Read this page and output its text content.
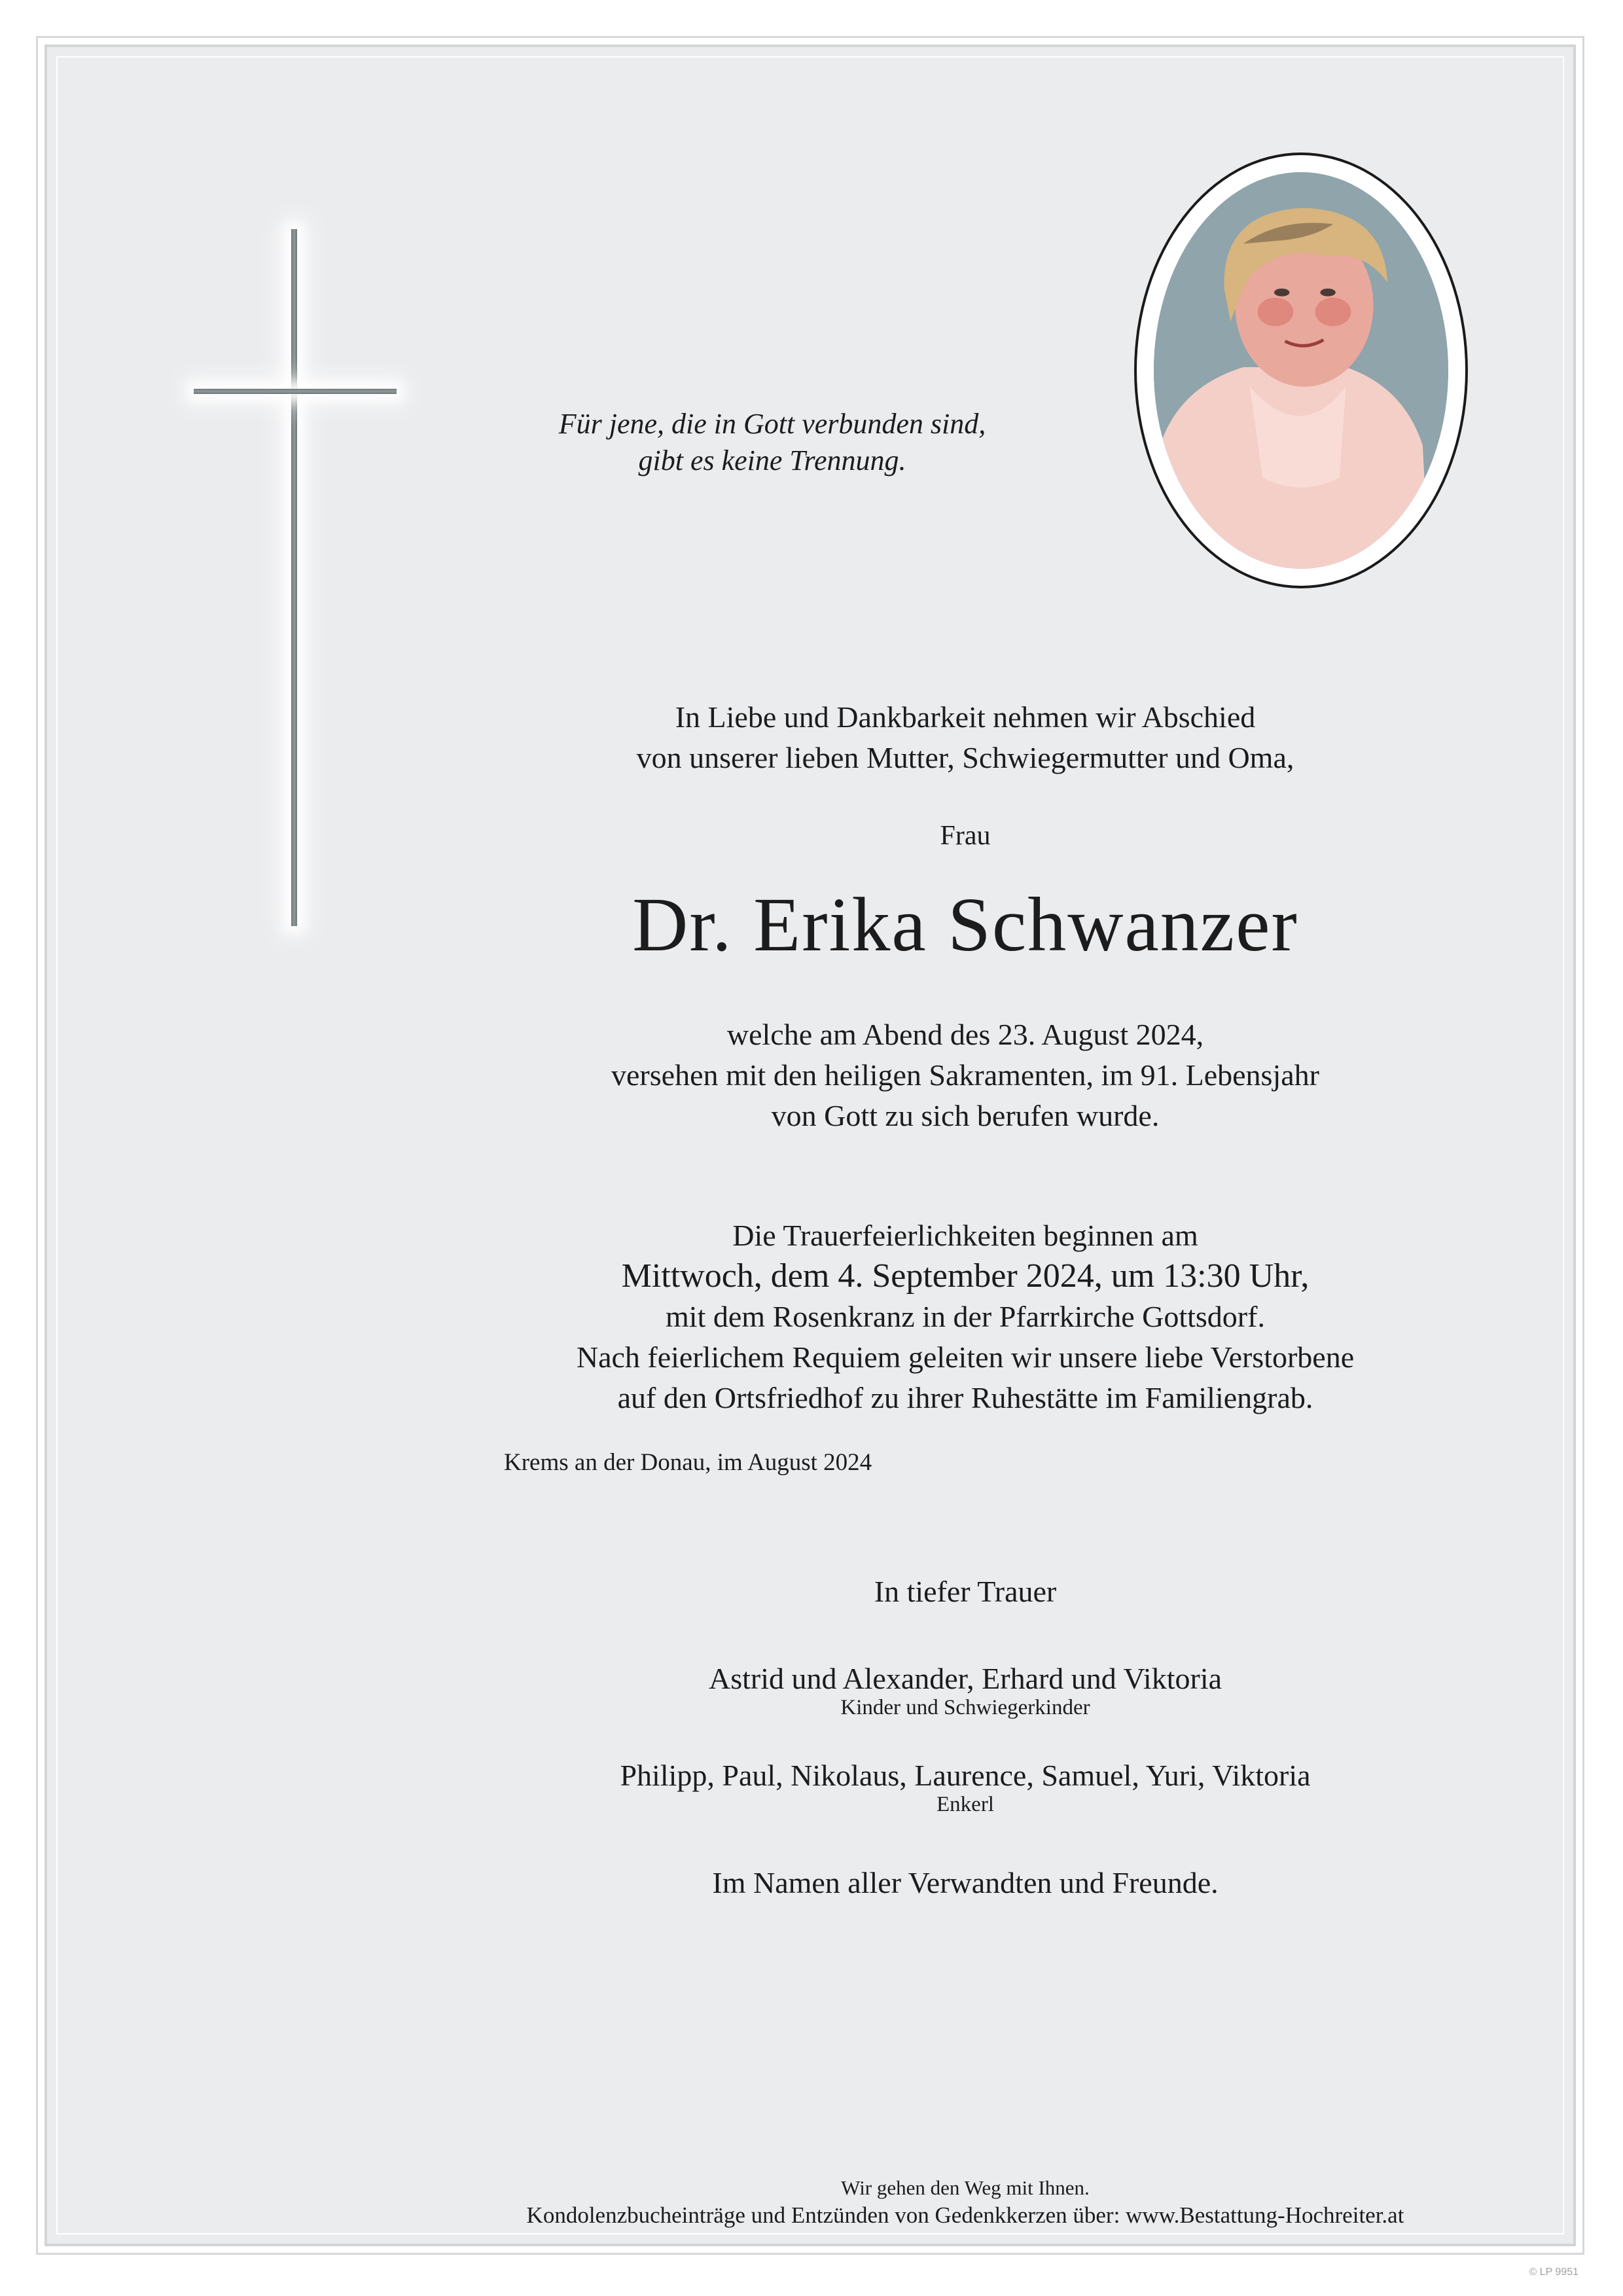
Für jene, die in Gott verbunden sind,
gibt es keine Trennung.
In Liebe und Dankbarkeit nehmen wir Abschied
von unserer lieben Mutter, Schwiegermutter und Oma,
Frau
Dr. Erika Schwanzer
welche am Abend des 23. August 2024,
versehen mit den heiligen Sakramenten, im 91. Lebensjahr
von Gott zu sich berufen wurde.
Die Trauerfeierlichkeiten beginnen am
Mittwoch, dem 4. September 2024, um 13:30 Uhr,
mit dem Rosenkranz in der Pfarrkirche Gottsdorf.
Nach feierlichem Requiem geleiten wir unsere liebe Verstorbene
auf den Ortsfriedhof zu ihrer Ruhestätte im Familiengrab.
Krems an der Donau, im August 2024
In tiefer Trauer
Astrid und Alexander, Erhard und Viktoria
Kinder und Schwiegerkinder
Philipp, Paul, Nikolaus, Laurence, Samuel, Yuri, Viktoria
Enkerl
Im Namen aller Verwandten und Freunde.
Wir gehen den Weg mit Ihnen.
Kondolenzbucheinträge und Entzünden von Gedenkkerzen über: www.Bestattung-Hochreiter.at
© LP 9951
